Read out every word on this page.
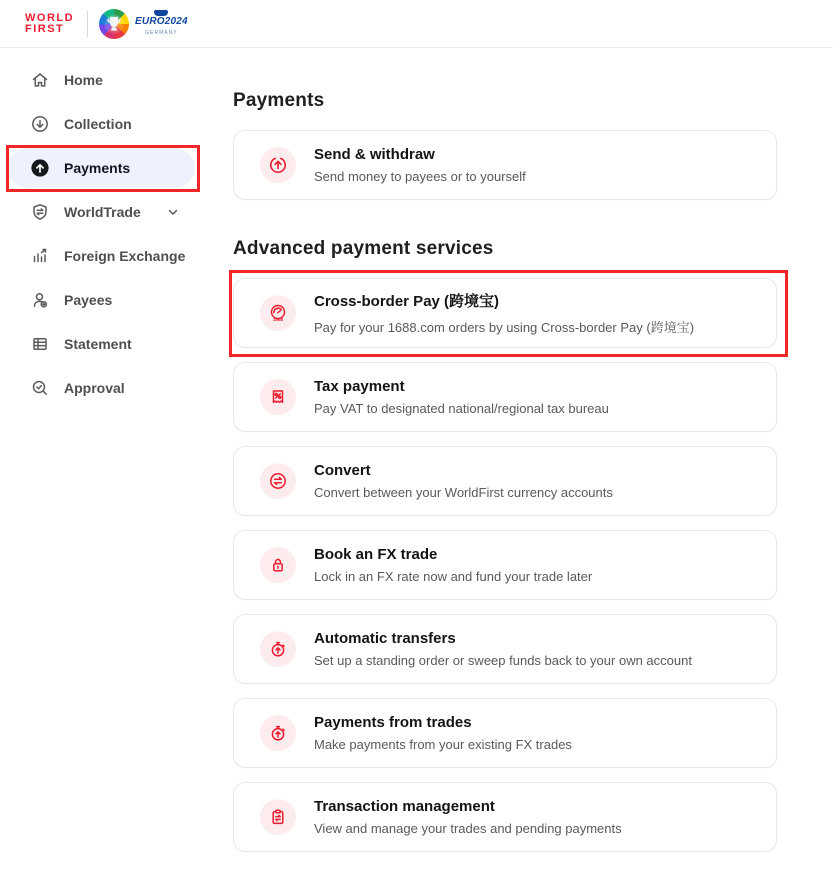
WORLD
FIRST
EURO2024
GERMANY
Home
Collection
Payments
WorldTrade
Foreign Exchange
Payees
Statement
Approval
Payments
Send & withdraw
Send money to payees or to yourself
Advanced payment services
1688
Cross-border Pay (跨境宝)
Pay for your 1688.com orders by using Cross-border Pay (跨境宝)
Tax payment
Pay VAT to designated national/regional tax bureau
Convert
Convert between your WorldFirst currency accounts
Book an FX trade
Lock in an FX rate now and fund your trade later
Automatic transfers
Set up a standing order or sweep funds back to your own account
Payments from trades
Make payments from your existing FX trades
Transaction management
View and manage your trades and pending payments
